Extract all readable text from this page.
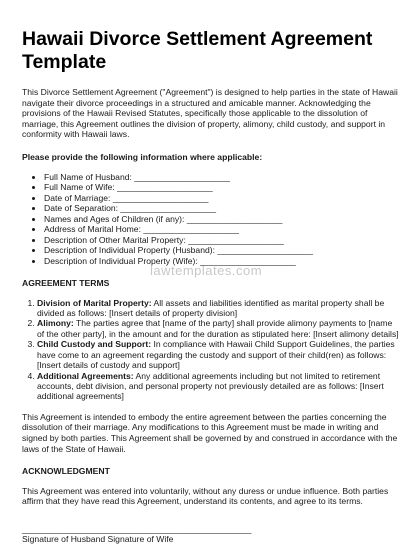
Hawaii Divorce Settlement Agreement Template

This Divorce Settlement Agreement ("Agreement") is designed to help parties in the state of Hawaii navigate their divorce proceedings in a structured and amicable manner. Acknowledging the provisions of the Hawaii Revised Statutes, specifically those applicable to the dissolution of marriage, this Agreement outlines the division of property, alimony, child custody, and support in conformity with Hawaii laws.

Please provide the following information where applicable:

• Full Name of Husband: ____________________
• Full Name of Wife: ____________________
• Date of Marriage: ____________________
• Date of Separation: ____________________
• Names and Ages of Children (if any): ____________________
• Address of Marital Home: ____________________
• Description of Other Marital Property: ____________________
• Description of Individual Property (Husband): ____________________
• Description of Individual Property (Wife): ____________________

AGREEMENT TERMS

1. Division of Marital Property: All assets and liabilities identified as marital property shall be divided as follows: [Insert details of property division]
2. Alimony: The parties agree that [name of the party] shall provide alimony payments to [name of the other party], in the amount and for the duration as stipulated here: [Insert alimony details]
3. Child Custody and Support: In compliance with Hawaii Child Support Guidelines, the parties have come to an agreement regarding the custody and support of their child(ren) as follows: [Insert details of custody and support]
4. Additional Agreements: Any additional agreements including but not limited to retirement accounts, debt division, and personal property not previously detailed are as follows: [Insert additional agreements]

This Agreement is intended to embody the entire agreement between the parties concerning the dissolution of their marriage. Any modifications to this Agreement must be made in writing and signed by both parties. This Agreement shall be governed by and construed in accordance with the laws of the State of Hawaii.

ACKNOWLEDGMENT

This Agreement was entered into voluntarily, without any duress or undue influence. Both parties affirm that they have read this Agreement, understand its contents, and agree to its terms.

________________________________________________
Signature of Husband Signature of Wife
lawtemplates.com
